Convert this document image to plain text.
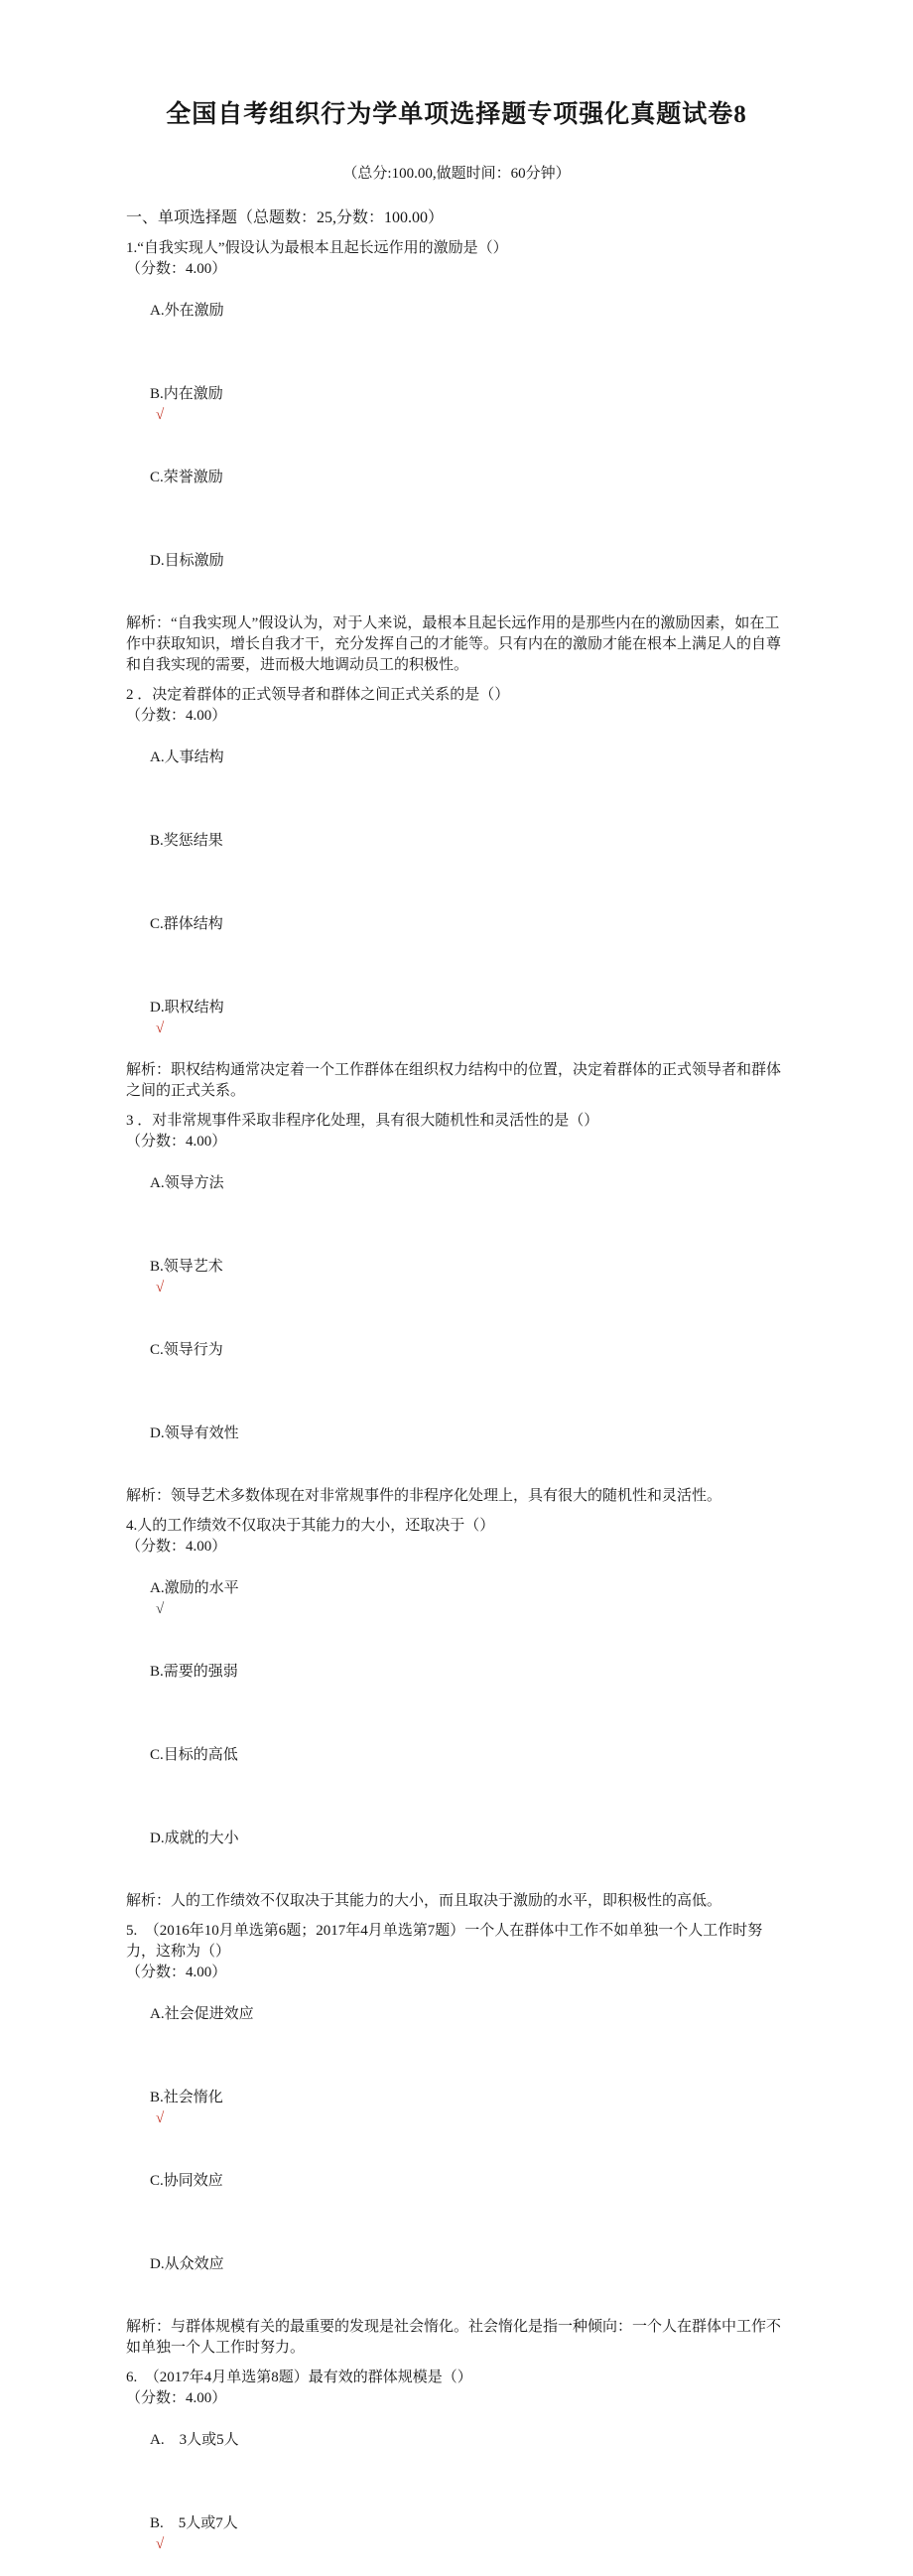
全国自考组织行为学单项选择题专项强化真题试卷8
（总分:100.00,做题时间：60分钟）
一、单项选择题（总题数：25,分数：100.00）
1.“自我实现人”假设认为最根本且起长远作用的激励是（）
（分数：4.00）

A.外在激励

B.内在激励
√

C.荣誉激励

D.目标激励

解析：“自我实现人”假设认为，对于人来说，最根本且起长远作用的是那些内在的激励因素，如在工作中获取知识，增长自我才干，充分发挥自己的才能等。只有内在的激励才能在根本上满足人的自尊和自我实现的需要，进而极大地调动员工的积极性。
2 ．决定着群体的正式领导者和群体之间正式关系的是（）
（分数：4.00）

A.人事结构

B.奖惩结果

C.群体结构

D.职权结构
√

解析：职权结构通常决定着一个工作群体在组织权力结构中的位置，决定着群体的正式领导者和群体之间的正式关系。
3 ．对非常规事件采取非程序化处理，具有很大随机性和灵活性的是（）
（分数：4.00）

A.领导方法

B.领导艺术
√

C.领导行为

D.领导有效性

解析：领导艺术多数体现在对非常规事件的非程序化处理上，具有很大的随机性和灵活性。
4.人的工作绩效不仅取决于其能力的大小，还取决于（）
（分数：4.00）

A.激励的水平
√

B.需要的强弱

C.目标的高低

D.成就的大小

解析：人的工作绩效不仅取决于其能力的大小，而且取决于激励的水平，即积极性的高低。
5.　（2016年10月单选第6题；2017年4月单选第7题）一个人在群体中工作不如单独一个人工作时努力，这称为（）
（分数：4.00）

A.社会促进效应

B.社会惰化
√

C.协同效应

D.从众效应

解析：与群体规模有关的最重要的发现是社会惰化。社会惰化是指一种倾向：一个人在群体中工作不如单独一个人工作时努力。
6.　（2017年4月单选第8题）最有效的群体规模是（）
（分数：4.00）

A.　3人或5人

B.　5人或7人
√
